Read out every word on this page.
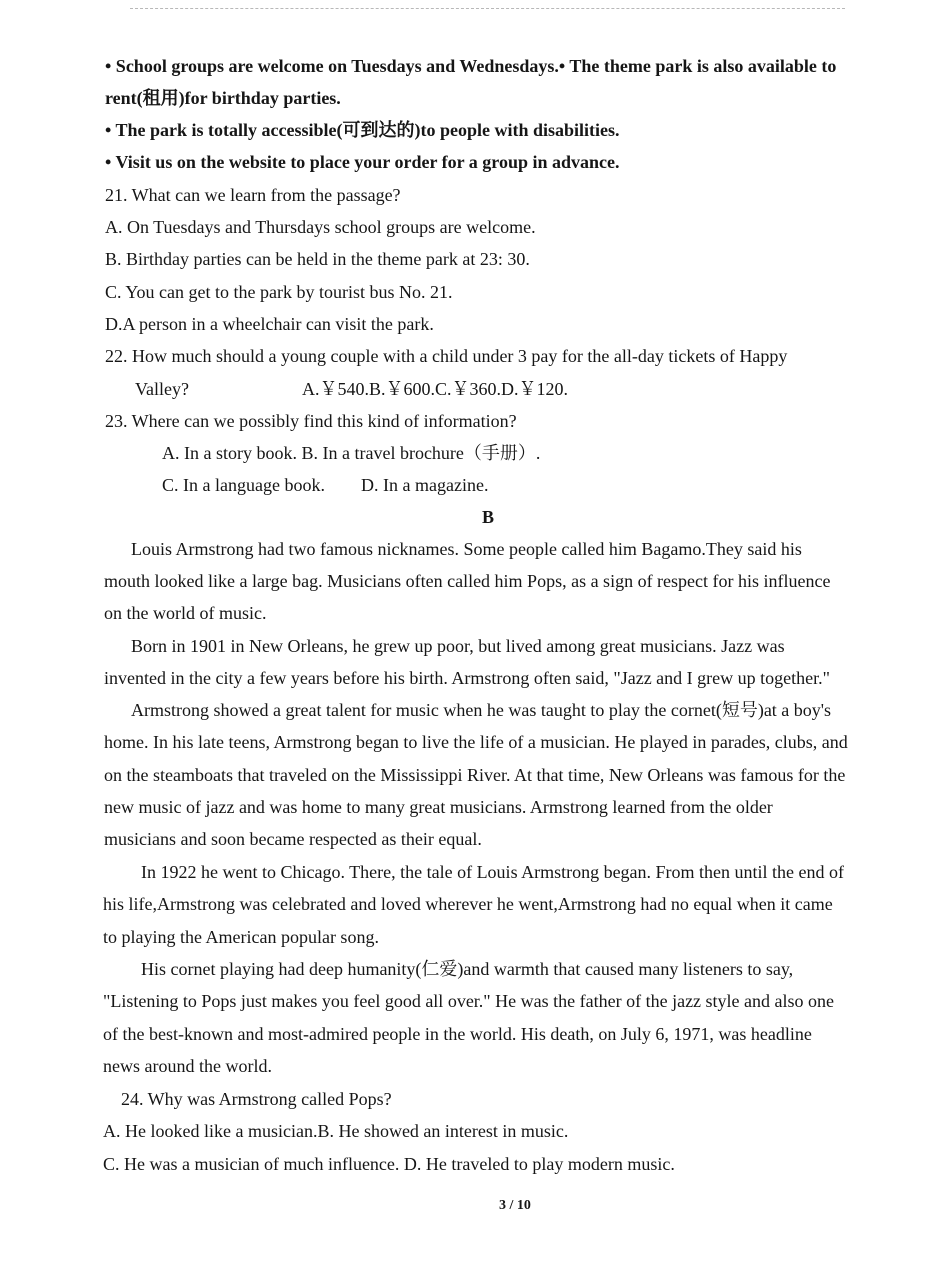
• School groups are welcome on Tuesdays and Wednesdays.• The theme park is also available to
rent(租用)for birthday parties.
• The park is totally accessible(可到达的)to people with disabilities.
• Visit us on the website to place your order for a group in advance.
21. What can we learn from the passage?
A. On Tuesdays and Thursdays school groups are welcome.
B. Birthday parties can be held in the theme park at 23: 30.
C. You can get to the park by tourist bus No. 21.
D.A person in a wheelchair can visit the park.
22. How much should a young couple with a child under 3 pay for the all-day tickets of Happy
Valley?	A.￥540.B.￥600.C.￥360.D.￥120.
23. Where can we possibly find this kind of information?
A. In a story book. B. In a travel brochure（手册）.
C. In a language book. D. In a magazine.
B
Louis Armstrong had two famous nicknames. Some people called him Bagamo.They said his
mouth looked like a large bag. Musicians often called him Pops, as a sign of respect for his influence
on the world of music.
Born in 1901 in New Orleans, he grew up poor, but lived among great musicians. Jazz was
invented in the city a few years before his birth. Armstrong often said, "Jazz and I grew up together."
Armstrong showed a great talent for music when he was taught to play the cornet(短号)at a boy's
home. In his late teens, Armstrong began to live the life of a musician. He played in parades, clubs, and
on the steamboats that traveled on the Mississippi River. At that time, New Orleans was famous for the
new music of jazz and was home to many great musicians. Armstrong learned from the older
musicians and soon became respected as their equal.
In 1922 he went to Chicago. There, the tale of Louis Armstrong began. From then until the end of
his life,Armstrong was celebrated and loved wherever he went,Armstrong had no equal when it came
to playing the American popular song.
His cornet playing had deep humanity(仁爱)and warmth that caused many listeners to say,
"Listening to Pops just makes you feel good all over." He was the father of the jazz style and also one
of the best-known and most-admired people in the world. His death, on July 6, 1971, was headline
news around the world.
24. Why was Armstrong called Pops?
A. He looked like a musician.B. He showed an interest in music.
C. He was a musician of much influence. D. He traveled to play modern music.
3 / 10
